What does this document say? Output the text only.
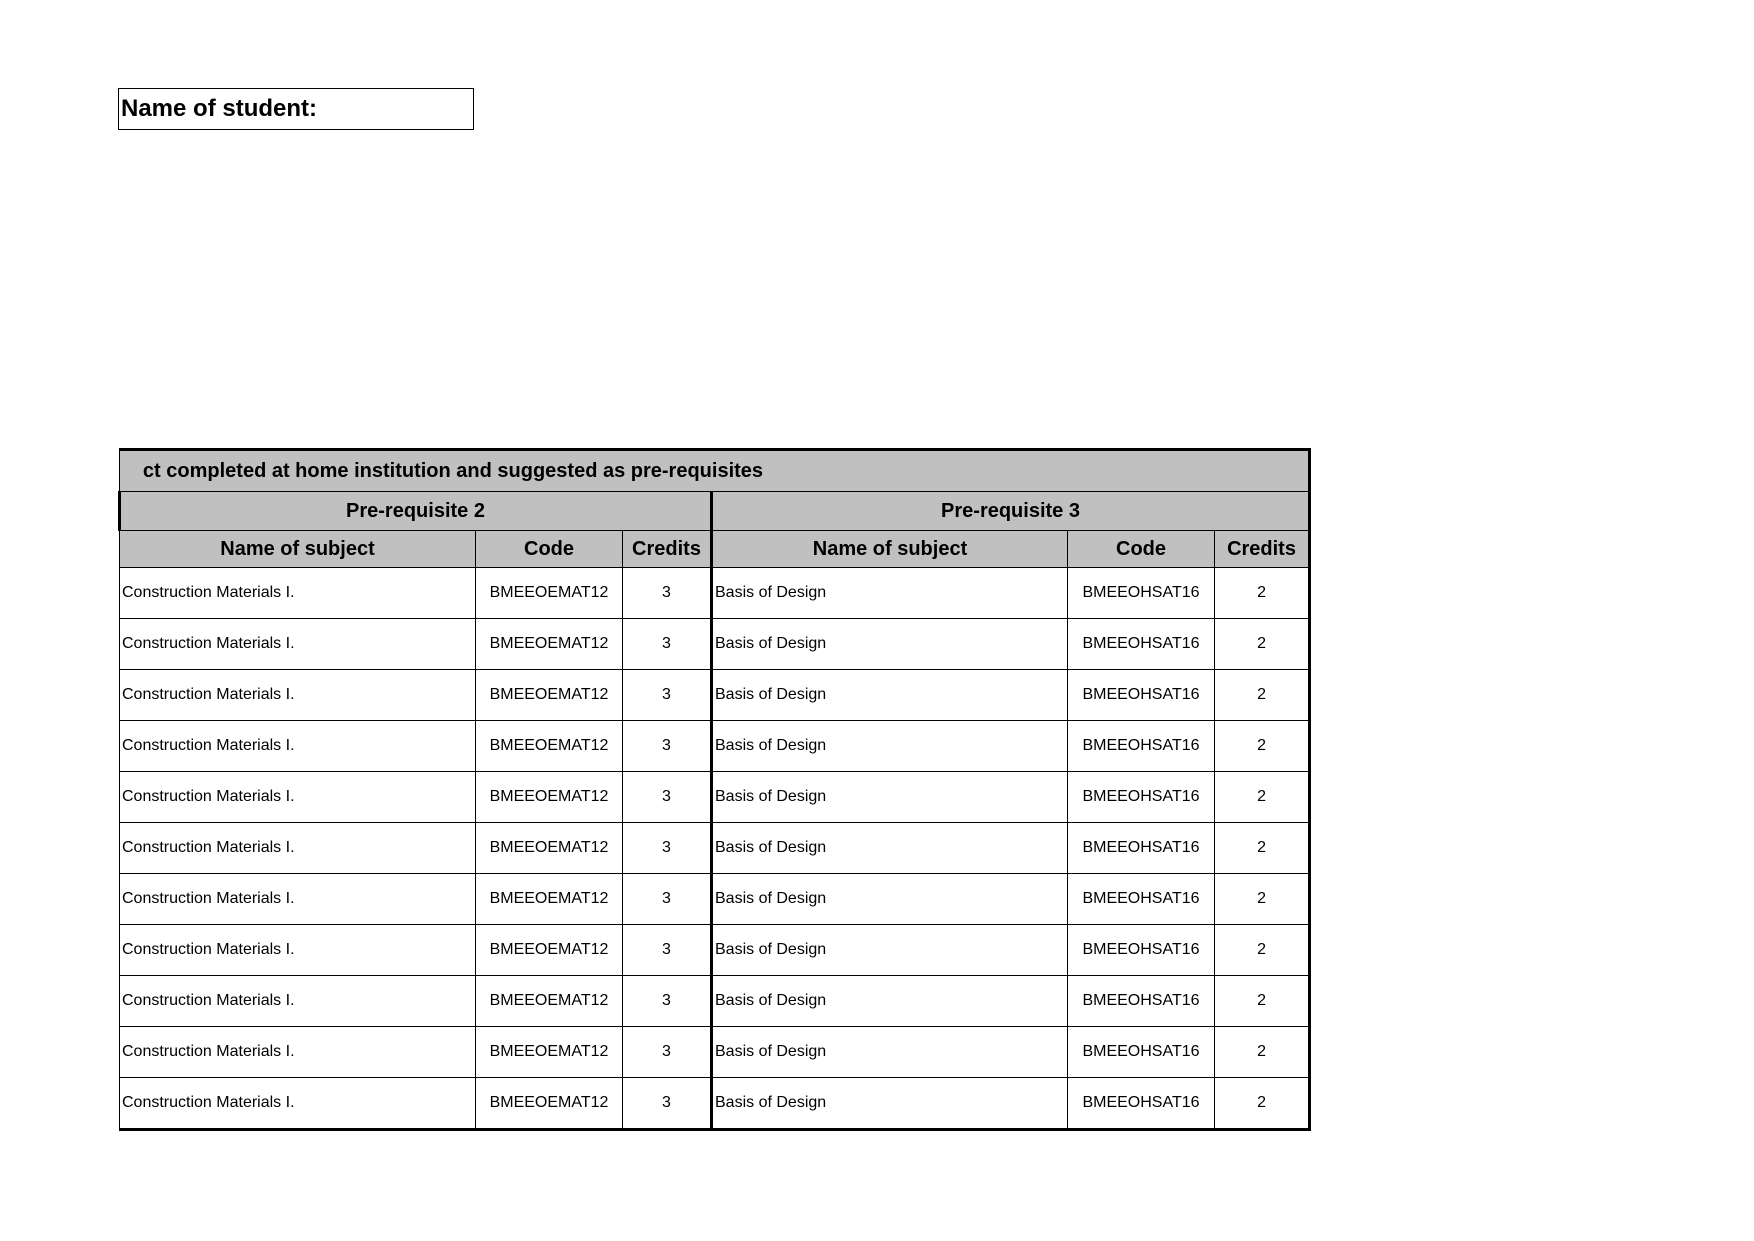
Name of student:
ct completed at home institution and suggested as pre-requisites					

Pre-requisite 2			Pre-requisite 3		
Name of subject	Code	Credits	Name of subject	Code	Credits
Construction Materials I.	BMEEOEMAT12	3	Basis of Design	BMEEOHSAT16	2
Construction Materials I.	BMEEOEMAT12	3	Basis of Design	BMEEOHSAT16	2
Construction Materials I.	BMEEOEMAT12	3	Basis of Design	BMEEOHSAT16	2
Construction Materials I.	BMEEOEMAT12	3	Basis of Design	BMEEOHSAT16	2
Construction Materials I.	BMEEOEMAT12	3	Basis of Design	BMEEOHSAT16	2
Construction Materials I.	BMEEOEMAT12	3	Basis of Design	BMEEOHSAT16	2
Construction Materials I.	BMEEOEMAT12	3	Basis of Design	BMEEOHSAT16	2
Construction Materials I.	BMEEOEMAT12	3	Basis of Design	BMEEOHSAT16	2
Construction Materials I.	BMEEOEMAT12	3	Basis of Design	BMEEOHSAT16	2
Construction Materials I.	BMEEOEMAT12	3	Basis of Design	BMEEOHSAT16	2
Construction Materials I.	BMEEOEMAT12	3	Basis of Design	BMEEOHSAT16	2
